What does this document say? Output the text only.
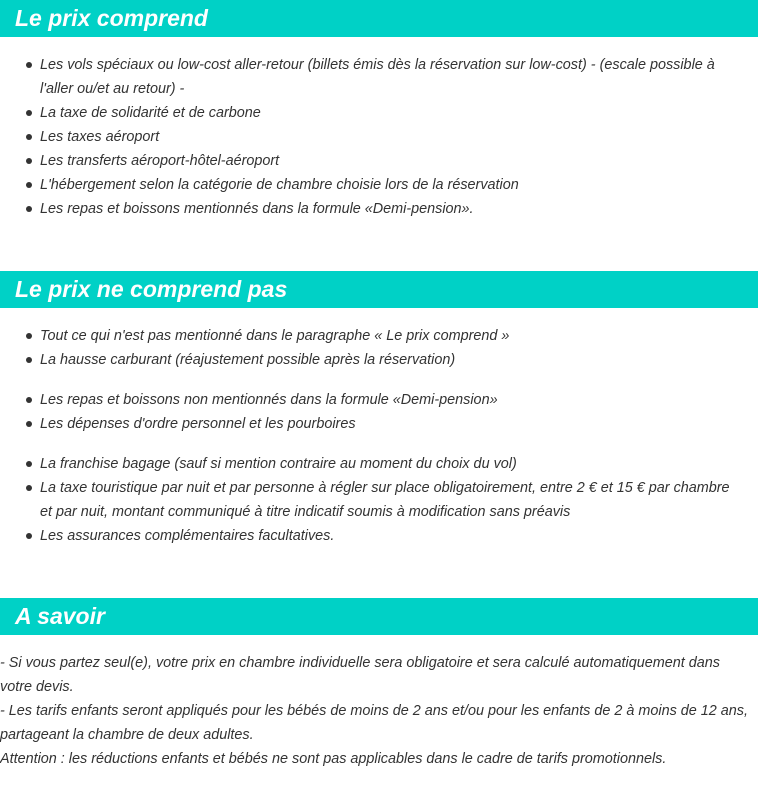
Le prix comprend
Les vols spéciaux ou low-cost aller-retour (billets émis dès la réservation sur low-cost) - (escale possible à l'aller ou/et au retour) -
La taxe de solidarité et de carbone
Les taxes aéroport
Les transferts aéroport-hôtel-aéroport
L'hébergement selon la catégorie de chambre choisie lors de la réservation
Les repas et boissons mentionnés dans la formule «Demi-pension».
Le prix ne comprend pas
Tout ce qui n'est pas mentionné dans le paragraphe « Le prix comprend »
La hausse carburant (réajustement possible après la réservation)
Les repas et boissons non mentionnés dans la formule «Demi-pension»
Les dépenses d'ordre personnel et les pourboires
La franchise bagage (sauf si mention contraire au moment du choix du vol)
La taxe touristique par nuit et par personne à régler sur place obligatoirement, entre 2 € et 15 € par chambre et par nuit, montant communiqué à titre indicatif soumis à modification sans préavis
Les assurances complémentaires facultatives.
A savoir

- Si vous partez seul(e), votre prix en chambre individuelle sera obligatoire et sera calculé automatiquement dans votre devis.

- Les tarifs enfants seront appliqués pour les bébés de moins de 2 ans et/ou pour les enfants de 2 à moins de 12 ans, partageant la chambre de deux adultes.

Attention : les réductions enfants et bébés ne sont pas applicables dans le cadre de tarifs promotionnels.
